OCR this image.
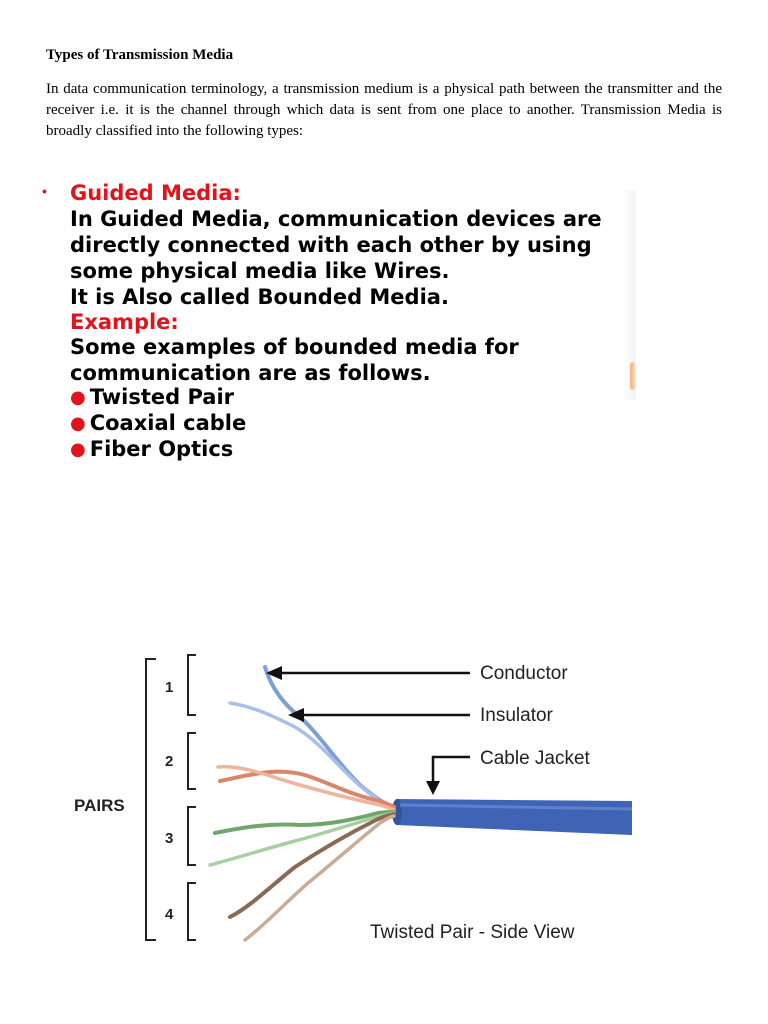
Types of Transmission Media
In data communication terminology, a transmission medium is a physical path between the transmitter and the receiver i.e. it is the channel through which data is sent from one place to another. Transmission Media is broadly classified into the following types:
• Guided Media:
In Guided Media, communication devices are
directly connected with each other by using
some physical media like Wires.
It is Also called Bounded Media.
Example:
Some examples of bounded media for
communication are as follows.
● Twisted Pair
● Coaxial cable
● Fiber Optics
PAIRS
1
2
3
4
Conductor
Insulator
Cable Jacket
Twisted Pair - Side View
